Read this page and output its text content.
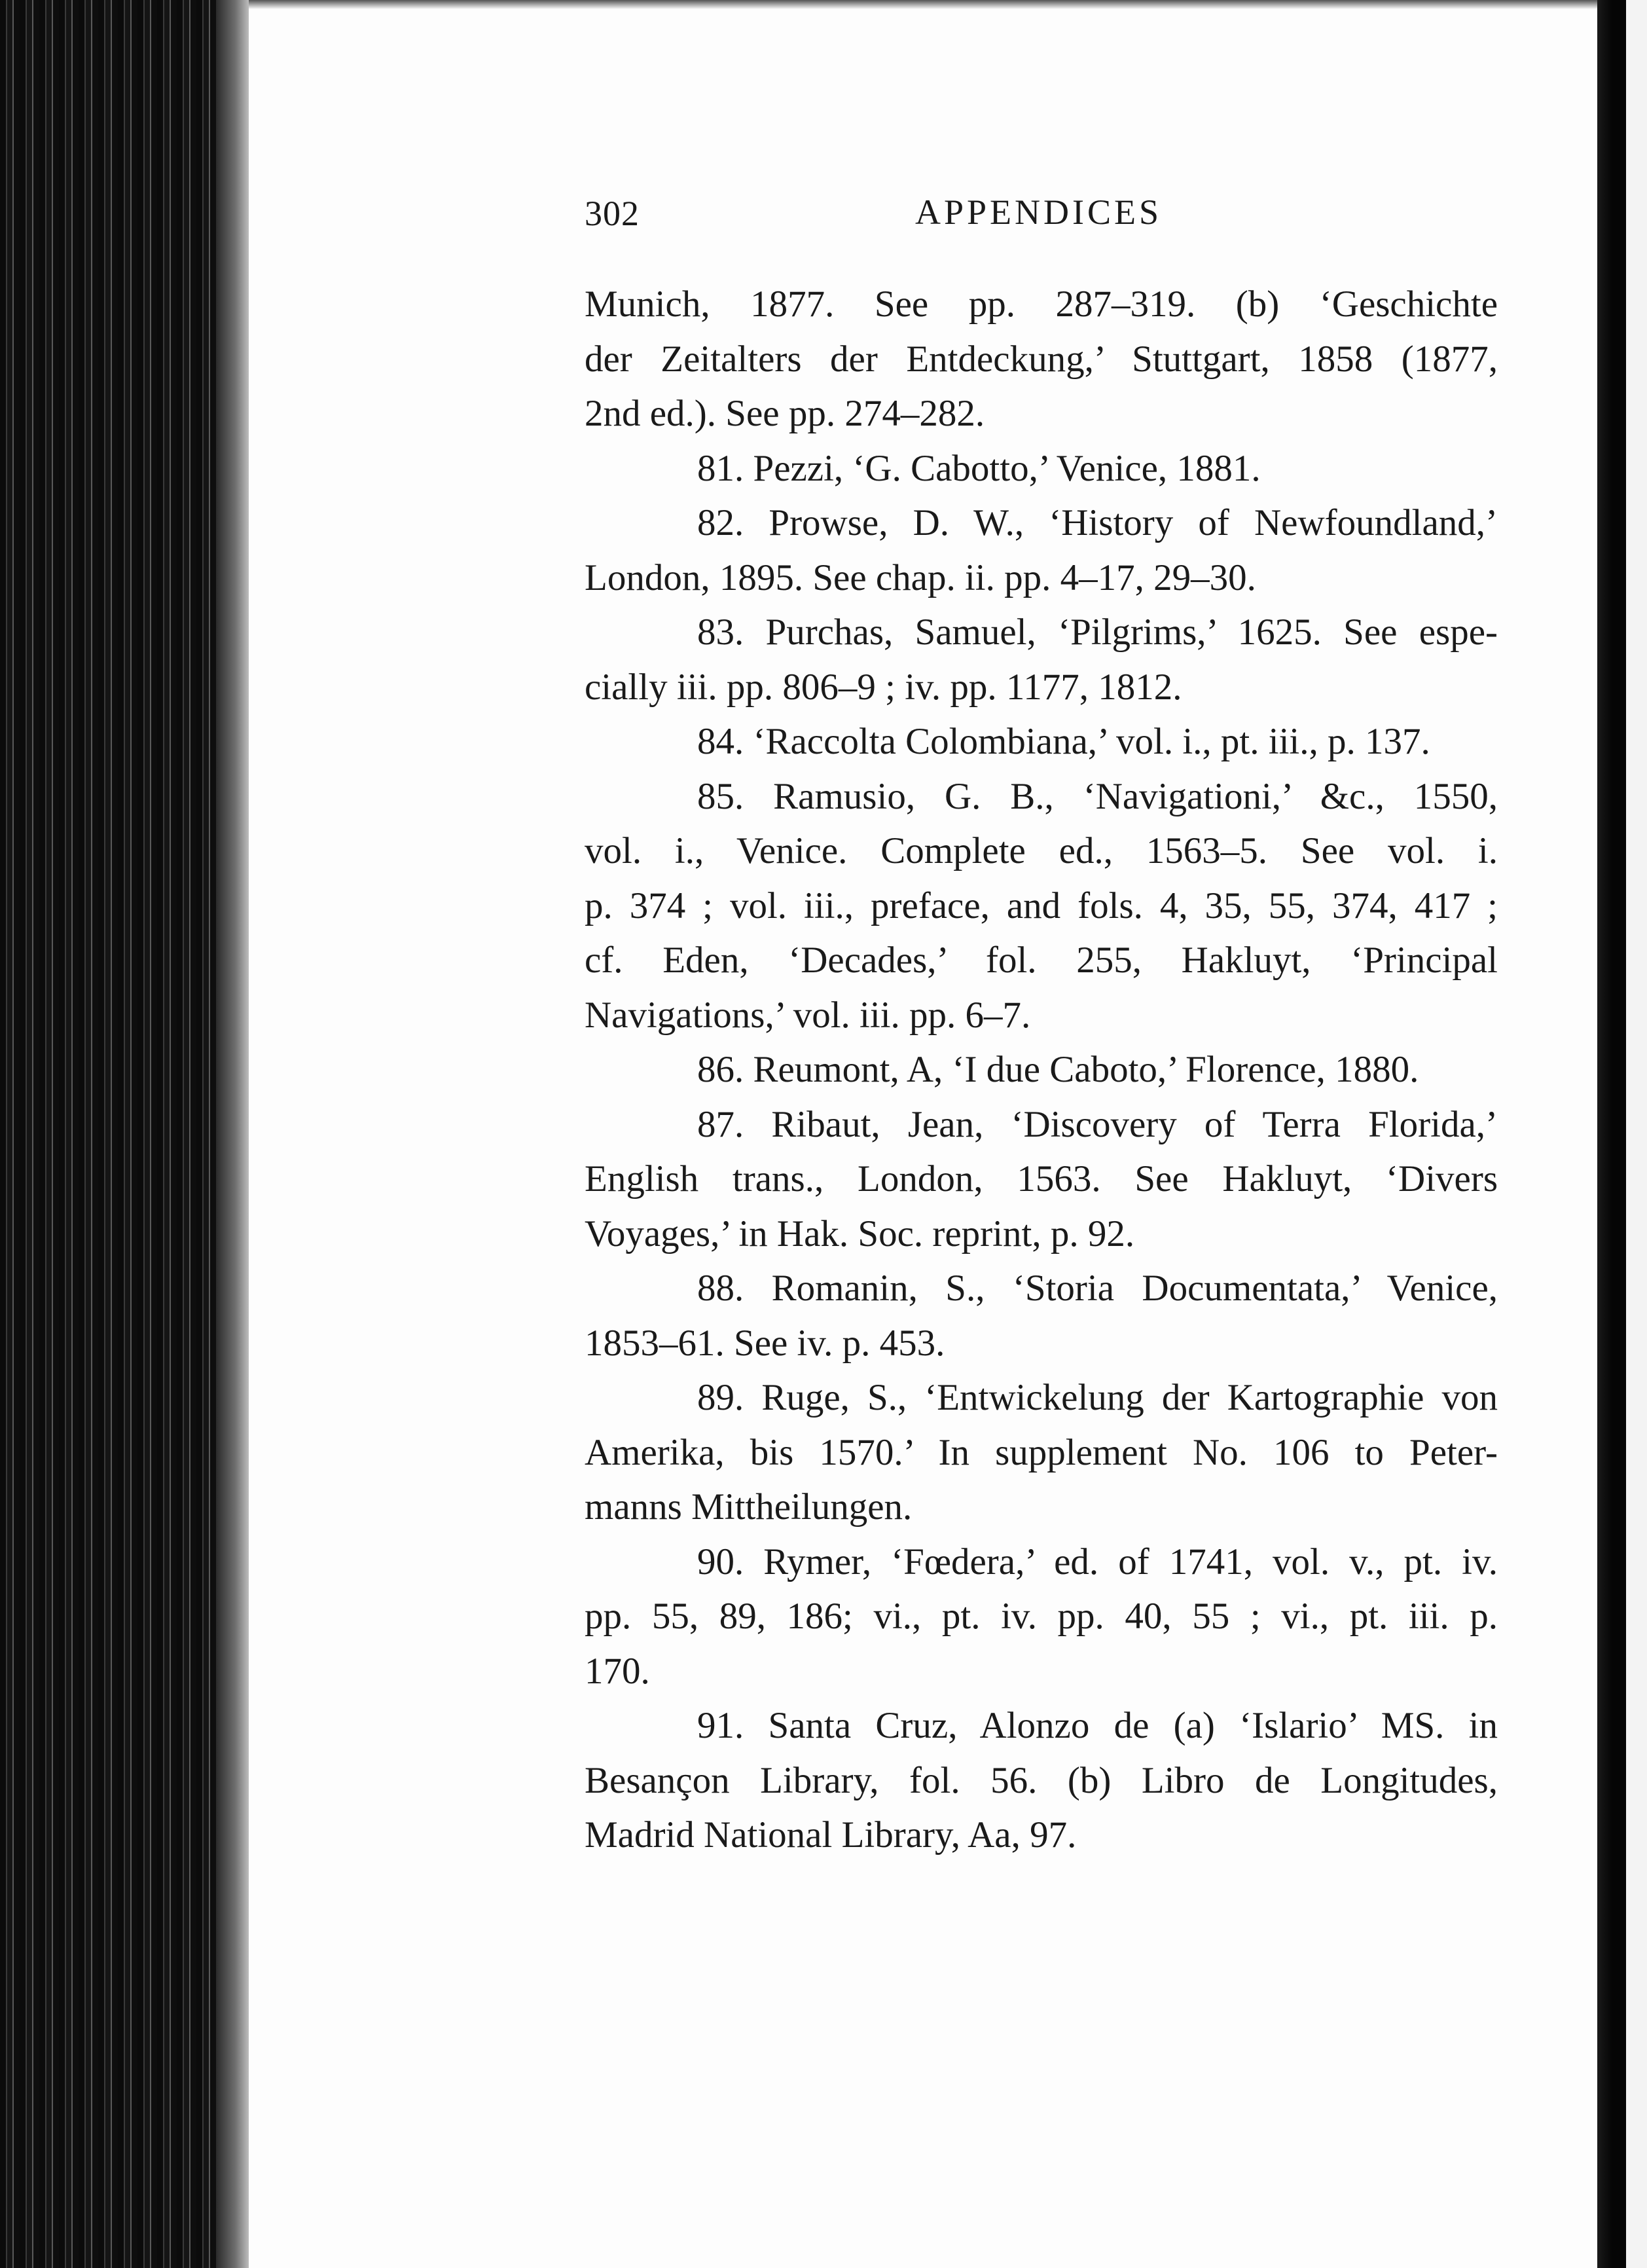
302	APPENDICES
Munich, 1877. See pp. 287–319. (b) ‘Geschichte
der Zeitalters der Entdeckung,’ Stuttgart, 1858 (1877,
2nd ed.). See pp. 274–282.
81. Pezzi, ‘G. Cabotto,’ Venice, 1881.
82. Prowse, D. W., ‘History of Newfoundland,’
London, 1895. See chap. ii. pp. 4–17, 29–30.
83. Purchas, Samuel, ‘Pilgrims,’ 1625. See espe-
cially iii. pp. 806–9 ; iv. pp. 1177, 1812.
84. ‘Raccolta Colombiana,’ vol. i., pt. iii., p. 137.
85. Ramusio, G. B., ‘Navigationi,’ &c., 1550,
vol. i., Venice. Complete ed., 1563–5. See vol. i.
p. 374 ; vol. iii., preface, and fols. 4, 35, 55, 374, 417 ;
cf. Eden, ‘Decades,’ fol. 255, Hakluyt, ‘Principal
Navigations,’ vol. iii. pp. 6–7.
86. Reumont, A, ‘I due Caboto,’ Florence, 1880.
87. Ribaut, Jean, ‘Discovery of Terra Florida,’
English trans., London, 1563. See Hakluyt, ‘Divers
Voyages,’ in Hak. Soc. reprint, p. 92.
88. Romanin, S., ‘Storia Documentata,’ Venice,
1853–61. See iv. p. 453.
89. Ruge, S., ‘Entwickelung der Kartographie von
Amerika, bis 1570.’ In supplement No. 106 to Peter-
manns Mittheilungen.
90. Rymer, ‘Fœdera,’ ed. of 1741, vol. v., pt. iv.
pp. 55, 89, 186; vi., pt. iv. pp. 40, 55 ; vi., pt. iii. p.
170.
91. Santa Cruz, Alonzo de (a) ‘Islario’ MS. in
Besançon Library, fol. 56. (b) Libro de Longitudes,
Madrid National Library, Aa, 97.
